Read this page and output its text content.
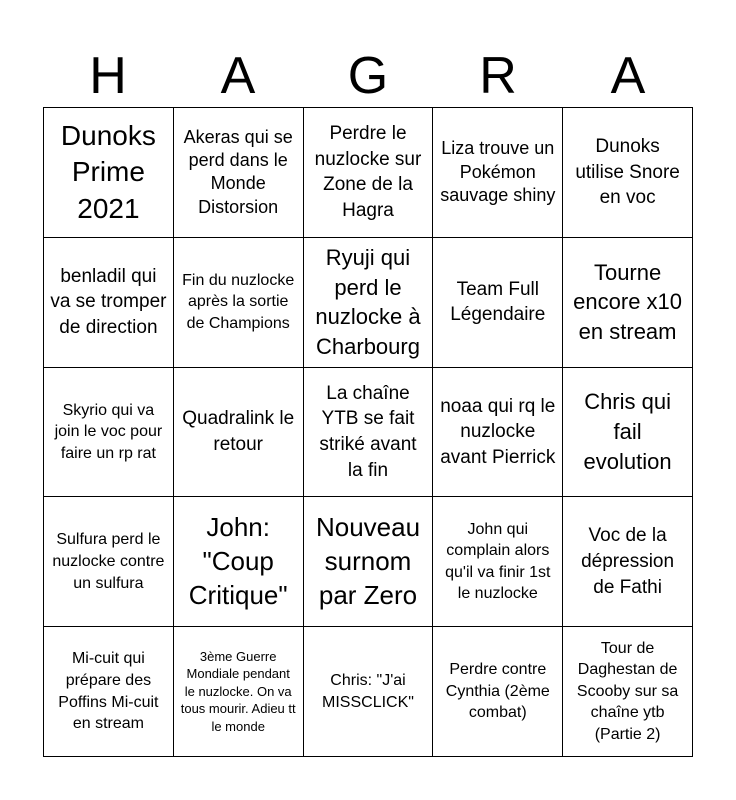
H	A	G	R	A
Dunoks Prime 2021
Akeras qui se perd dans le Monde Distorsion
Perdre le nuzlocke sur Zone de la Hagra
Liza trouve un Pokémon sauvage shiny
Dunoks utilise Snore en voc
benladil qui va se tromper de direction
Fin du nuzlocke après la sortie de Champions
Ryuji qui perd le nuzlocke à Charbourg
Team Full Légendaire
Tourne encore x10 en stream
Skyrio qui va join le voc pour faire un rp rat
Quadralink le retour
La chaîne YTB se fait striké avant la fin
noaa qui rq le nuzlocke avant Pierrick
Chris qui fail evolution
Sulfura perd le nuzlocke contre un sulfura
John: "Coup Critique"
Nouveau surnom par Zero
John qui complain alors qu'il va finir 1st le nuzlocke
Voc de la dépression de Fathi
Mi-cuit qui prépare des Poffins Mi-cuit en stream
3ème Guerre Mondiale pendant le nuzlocke. On va tous mourir. Adieu tt le monde
Chris: "J'ai MISSCLICK"
Perdre contre Cynthia (2ème combat)
Tour de Daghestan de Scooby sur sa chaîne ytb (Partie 2)
